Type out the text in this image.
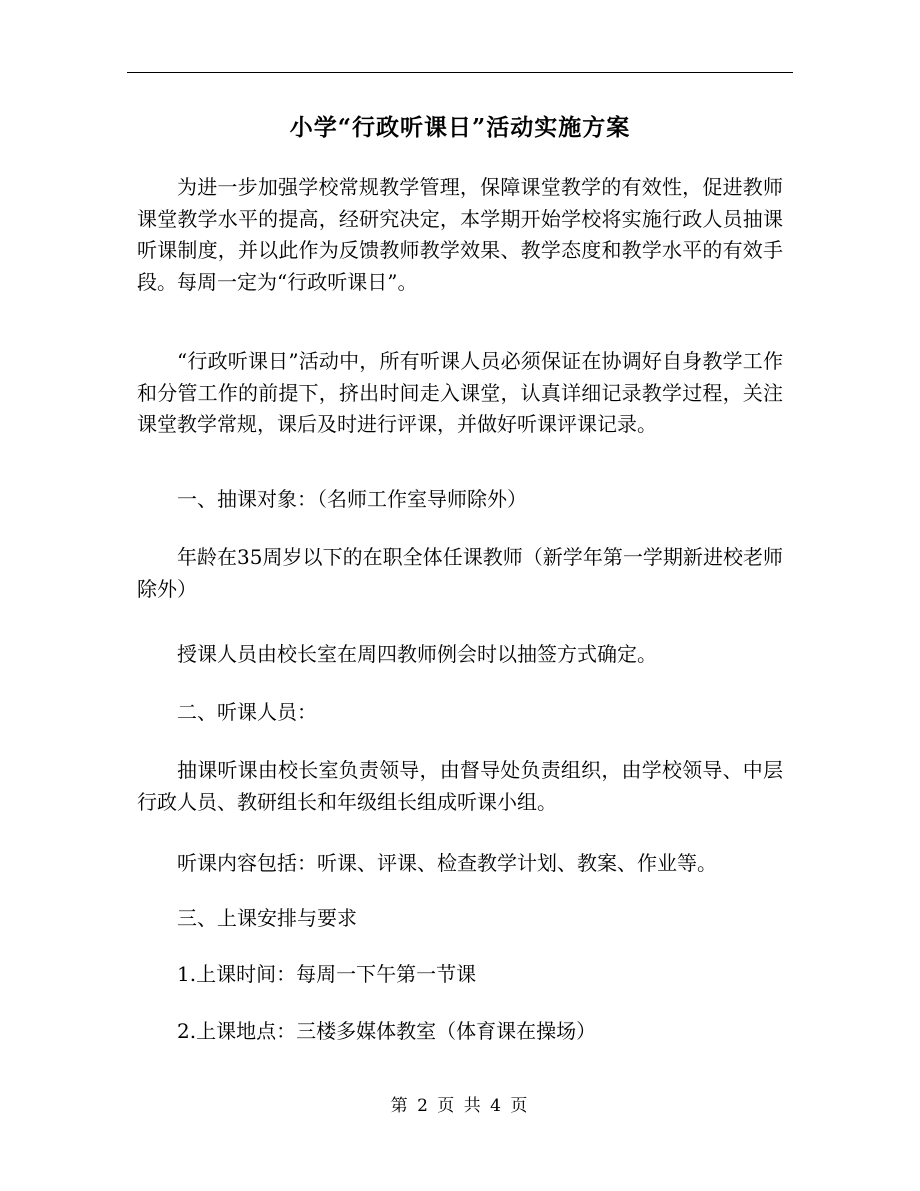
小学“行政听课日”活动实施方案

为进一步加强学校常规教学管理，保障课堂教学的有效性，促进教师课堂教学水平的提高，经研究决定，本学期开始学校将实施行政人员抽课听课制度，并以此作为反馈教师教学效果、教学态度和教学水平的有效手段。每周一定为“行政听课日”。

“行政听课日”活动中，所有听课人员必须保证在协调好自身教学工作和分管工作的前提下，挤出时间走入课堂，认真详细记录教学过程，关注课堂教学常规，课后及时进行评课，并做好听课评课记录。

一、抽课对象：（名师工作室导师除外）

年龄在35周岁以下的在职全体任课教师（新学年第一学期新进校老师除外）

授课人员由校长室在周四教师例会时以抽签方式确定。

二、听课人员：

抽课听课由校长室负责领导，由督导处负责组织，由学校领导、中层行政人员、教研组长和年级组长组成听课小组。

听课内容包括：听课、评课、检查教学计划、教案、作业等。

三、上课安排与要求

1.上课时间：每周一下午第一节课

2.上课地点：三楼多媒体教室（体育课在操场）

第 2 页 共 4 页
